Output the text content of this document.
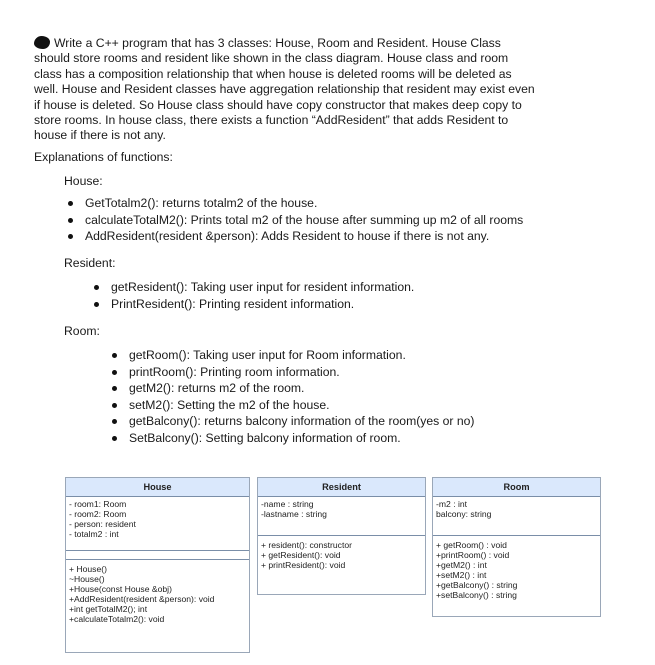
Write a C++ program that has 3 classes: House, Room and Resident. House Class
should store rooms and resident like shown in the class diagram. House class and room
class has a composition relationship that when house is deleted rooms will be deleted as
well. House and Resident classes have aggregation relationship that resident may exist even
if house is deleted. So House class should have copy constructor that makes deep copy to
store rooms. In house class, there exists a function “AddResident” that adds Resident to
house if there is not any.

Explanations of functions:

House:

GetTotalm2(): returns totalm2 of the house.
calculateTotalM2(): Prints total m2 of the house after summing up m2 of all rooms
AddResident(resident &person): Adds Resident to house if there is not any.

Resident:

getResident(): Taking user input for resident information.
PrintResident(): Printing resident information.

Room:

getRoom(): Taking user input for Room information.
printRoom(): Printing room information.
getM2(): returns m2 of the room.
setM2(): Setting the m2 of the house.
getBalcony(): returns balcony information of the room(yes or no)
SetBalcony(): Setting balcony information of room.
House
- room1: Room
- room2: Room
- person: resident
- totalm2 : int
+ House()
~House()
+House(const House &obj)
+AddResident(resident &person): void
+int getTotalM2(); int
+calculateTotalm2(): void
Resident
-name : string
-lastname : string
+ resident(): constructor
+ getResident(): void
+ printResident(): void
Room
-m2 : int
balcony: string
+ getRoom() : void
+printRoom() : void
+getM2() : int
+setM2() : int
+getBalcony() : string
+setBalcony() : string
